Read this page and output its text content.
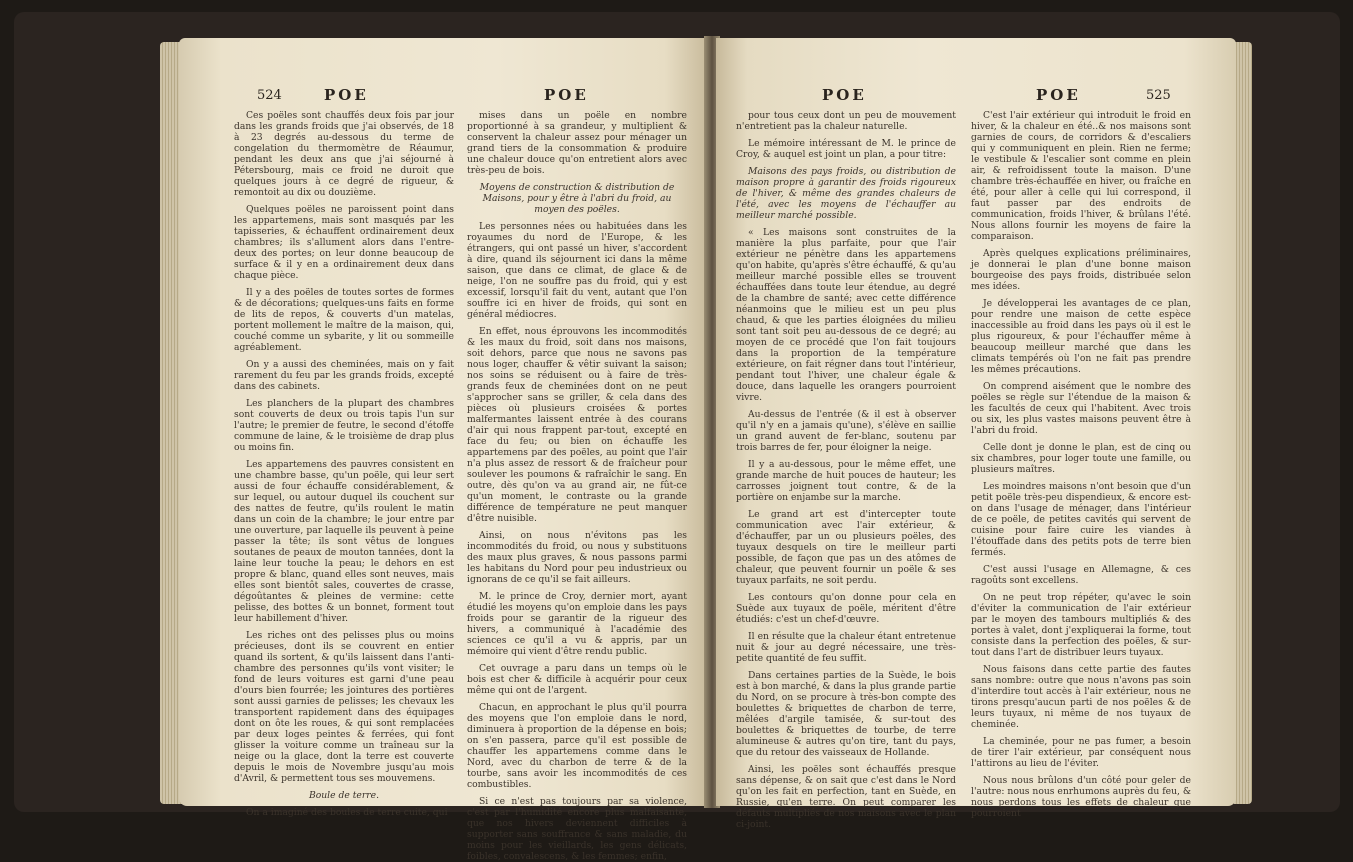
524	POE	POE

Ces poëles sont chauffés deux fois par jour dans les grands froids que j'ai observés, de 18 à 23 degrés au-dessous du terme de congelation du thermomètre de Réaumur, pendant les deux ans que j'ai séjourné à Pétersbourg, mais ce froid ne duroit que quelques jours à ce degré de rigueur, & remontoit au dix ou douzième.

Quelques poëles ne paroissent point dans les appartemens, mais sont masqués par les tapisseries, & échauffent ordinairement deux chambres; ils s'allument alors dans l'entre-deux des portes; on leur donne beaucoup de surface & il y en a ordinairement deux dans chaque pièce.

Il y a des poëles de toutes sortes de formes & de décorations; quelques-uns faits en forme de lits de repos, & couverts d'un matelas, portent mollement le maître de la maison, qui, couché comme un sybarite, y lit ou sommeille agréablement.

On y a aussi des cheminées, mais on y fait rarement du feu par les grands froids, excepté dans des cabinets.

Les planchers de la plupart des chambres sont couverts de deux ou trois tapis l'un sur l'autre; le premier de feutre, le second d'étoffe commune de laine, & le troisième de drap plus ou moins fin.

Les appartemens des pauvres consistent en une chambre basse, qu'un poële, qui leur sert aussi de four échauffe considérablement, & sur lequel, ou autour duquel ils couchent sur des nattes de feutre, qu'ils roulent le matin dans un coin de la chambre; le jour entre par une ouverture, par laquelle ils peuvent à peine passer la tête; ils sont vêtus de longues soutanes de peaux de mouton tannées, dont la laine leur touche la peau; le dehors en est propre & blanc, quand elles sont neuves, mais elles sont bientôt sales, couvertes de crasse, dégoûtantes & pleines de vermine: cette pelisse, des bottes & un bonnet, forment tout leur habillement d'hiver.

Les riches ont des pelisses plus ou moins précieuses, dont ils se couvrent en entier quand ils sortent, & qu'ils laissent dans l'anti-chambre des personnes qu'ils vont visiter; le fond de leurs voitures est garni d'une peau d'ours bien fourrée; les jointures des portières sont aussi garnies de pelisses; les chevaux les transportent rapidement dans des équipages dont on ôte les roues, & qui sont remplacées par deux loges peintes & ferrées, qui font glisser la voiture comme un traîneau sur la neige ou la glace, dont la terre est couverte depuis le mois de Novembre jusqu'au mois d'Avril, & permettent tous ses mouvemens.

Boule de terre.

On a imaginé des boules de terre cuite, qui

mises dans un poële en nombre proportionné à sa grandeur, y multiplient & conservent la chaleur assez pour ménager un grand tiers de la consommation & produire une chaleur douce qu'on entretient alors avec très-peu de bois.

Moyens de construction & distribution de Maisons, pour y être à l'abri du froid, au moyen des poëles.

Les personnes nées ou habituées dans les royaumes du nord de l'Europe, & les étrangers, qui ont passé un hiver, s'accordent à dire, quand ils séjournent ici dans la même saison, que dans ce climat, de glace & de neige, l'on ne souffre pas du froid, qui y est excessif, lorsqu'il fait du vent, autant que l'on souffre ici en hiver de froids, qui sont en général médiocres.

En effet, nous éprouvons les incommodités & les maux du froid, soit dans nos maisons, soit dehors, parce que nous ne savons pas nous loger, chauffer & vêtir suivant la saison; nos soins se réduisent ou à faire de très-grands feux de cheminées dont on ne peut s'approcher sans se griller, & cela dans des pièces où plusieurs croisées & portes malfermantes laissent entrée à des courans d'air qui nous frappent par-tout, excepté en face du feu; ou bien on échauffe les appartemens par des poëles, au point que l'air n'a plus assez de ressort & de fraîcheur pour soulever les poumons & rafraîchir le sang. En outre, dès qu'on va au grand air, ne fût-ce qu'un moment, le contraste ou la grande différence de température ne peut manquer d'être nuisible.

Ainsi, on nous n'évitons pas les incommodités du froid, ou nous y substituons des maux plus graves, & nous passons parmi les habitans du Nord pour peu industrieux ou ignorans de ce qu'il se fait ailleurs.

M. le prince de Croy, dernier mort, ayant étudié les moyens qu'on emploie dans les pays froids pour se garantir de la rigueur des hivers, a communiqué à l'académie des sciences ce qu'il a vu & appris, par un mémoire qui vient d'être rendu public.

Cet ouvrage a paru dans un temps où le bois est cher & difficile à acquérir pour ceux même qui ont de l'argent.

Chacun, en approchant le plus qu'il pourra des moyens que l'on emploie dans le nord, diminuera à proportion de la dépense en bois; on s'en passera, parce qu'il est possible de chauffer les appartemens comme dans le Nord, avec du charbon de terre & de la tourbe, sans avoir les incommodités de ces combustibles.

Si ce n'est pas toujours par sa violence, c'est par l'humidité encore plus malfaisante, que nos hivers deviennent difficiles à supporter sans souffrance & sans maladie, du moins pour les vieillards, les gens délicats, foibles, convalescens, & les femmes; enfin,

POE	POE	525

pour tous ceux dont un peu de mouvement n'entretient pas la chaleur naturelle.

Le mémoire intéressant de M. le prince de Croy, & auquel est joint un plan, a pour titre:

Maisons des pays froids, ou distribution de maison propre à garantir des froids rigoureux de l'hiver, & même des grandes chaleurs de l'été, avec les moyens de l'échauffer au meilleur marché possible.

« Les maisons sont construites de la manière la plus parfaite, pour que l'air extérieur ne pénètre dans les appartemens qu'on habite, qu'après s'être échauffé, & qu'au meilleur marché possible elles se trouvent échauffées dans toute leur étendue, au degré de la chambre de santé; avec cette différence néanmoins que le milieu est un peu plus chaud, & que les parties éloignées du milieu sont tant soit peu au-dessous de ce degré; au moyen de ce procédé que l'on fait toujours dans la proportion de la température extérieure, on fait régner dans tout l'intérieur, pendant tout l'hiver, une chaleur égale & douce, dans laquelle les orangers pourroient vivre.

Au-dessus de l'entrée (& il est à observer qu'il n'y en a jamais qu'une), s'élève en saillie un grand auvent de fer-blanc, soutenu par trois barres de fer, pour éloigner la neige.

Il y a au-dessous, pour le même effet, une grande marche de huit pouces de hauteur; les carrosses joignent tout contre, & de la portière on enjambe sur la marche.

Le grand art est d'intercepter toute communication avec l'air extérieur, & d'échauffer, par un ou plusieurs poëles, des tuyaux desquels on tire le meilleur parti possible, de façon que pas un des atômes de chaleur, que peuvent fournir un poële & ses tuyaux parfaits, ne soit perdu.

Les contours qu'on donne pour cela en Suède aux tuyaux de poële, méritent d'être étudiés: c'est un chef-d'œuvre.

Il en résulte que la chaleur étant entretenue nuit & jour au degré nécessaire, une très-petite quantité de feu suffit.

Dans certaines parties de la Suède, le bois est à bon marché, & dans la plus grande partie du Nord, on se procure à très-bon compte des boulettes & briquettes de charbon de terre, mêlées d'argile tamisée, & sur-tout des boulettes & briquettes de tourbe, de terre alumineuse & autres qu'on tire, tant du pays, que du retour des vaisseaux de Hollande.

Ainsi, les poëles sont échauffés presque sans dépense, & on sait que c'est dans le Nord qu'on les fait en perfection, tant en Suède, en Russie, qu'en terre. On peut comparer les défauts multipliés de nos maisons avec le plan ci-joint.

C'est l'air extérieur qui introduit le froid en hiver, & la chaleur en été..& nos maisons sont garnies de cours, de corridors & d'escaliers qui y communiquent en plein. Rien ne ferme; le vestibule & l'escalier sont comme en plein air, & refroidissent toute la maison. D'une chambre très-échauffée en hiver, ou fraîche en été, pour aller à celle qui lui correspond, il faut passer par des endroits de communication, froids l'hiver, & brûlans l'été. Nous allons fournir les moyens de faire la comparaison.

Après quelques explications préliminaires, je donnerai le plan d'une bonne maison bourgeoise des pays froids, distribuée selon mes idées.

Je développerai les avantages de ce plan, pour rendre une maison de cette espèce inaccessible au froid dans les pays où il est le plus rigoureux, & pour l'échauffer même à beaucoup meilleur marché que dans les climats tempérés où l'on ne fait pas prendre les mêmes précautions.

On comprend aisément que le nombre des poëles se règle sur l'étendue de la maison & les facultés de ceux qui l'habitent. Avec trois ou six, les plus vastes maisons peuvent être à l'abri du froid.

Celle dont je donne le plan, est de cinq ou six chambres, pour loger toute une famille, ou plusieurs maîtres.

Les moindres maisons n'ont besoin que d'un petit poële très-peu dispendieux, & encore est-on dans l'usage de ménager, dans l'intérieur de ce poële, de petites cavités qui servent de cuisine pour faire cuire les viandes à l'étouffade dans des petits pots de terre bien fermés.

C'est aussi l'usage en Allemagne, & ces ragoûts sont excellens.

On ne peut trop répéter, qu'avec le soin d'éviter la communication de l'air extérieur par le moyen des tambours multipliés & des portes à valet, dont j'expliquerai la forme, tout consiste dans la perfection des poëles, & sur-tout dans l'art de distribuer leurs tuyaux.

Nous faisons dans cette partie des fautes sans nombre: outre que nous n'avons pas soin d'interdire tout accès à l'air extérieur, nous ne tirons presqu'aucun parti de nos poëles & de leurs tuyaux, ni même de nos tuyaux de cheminée.

La cheminée, pour ne pas fumer, a besoin de tirer l'air extérieur, par conséquent nous l'attirons au lieu de l'éviter.

Nous nous brûlons d'un côté pour geler de l'autre: nous nous enrhumons auprès du feu, & nous perdons tous les effets de chaleur que pourroient
